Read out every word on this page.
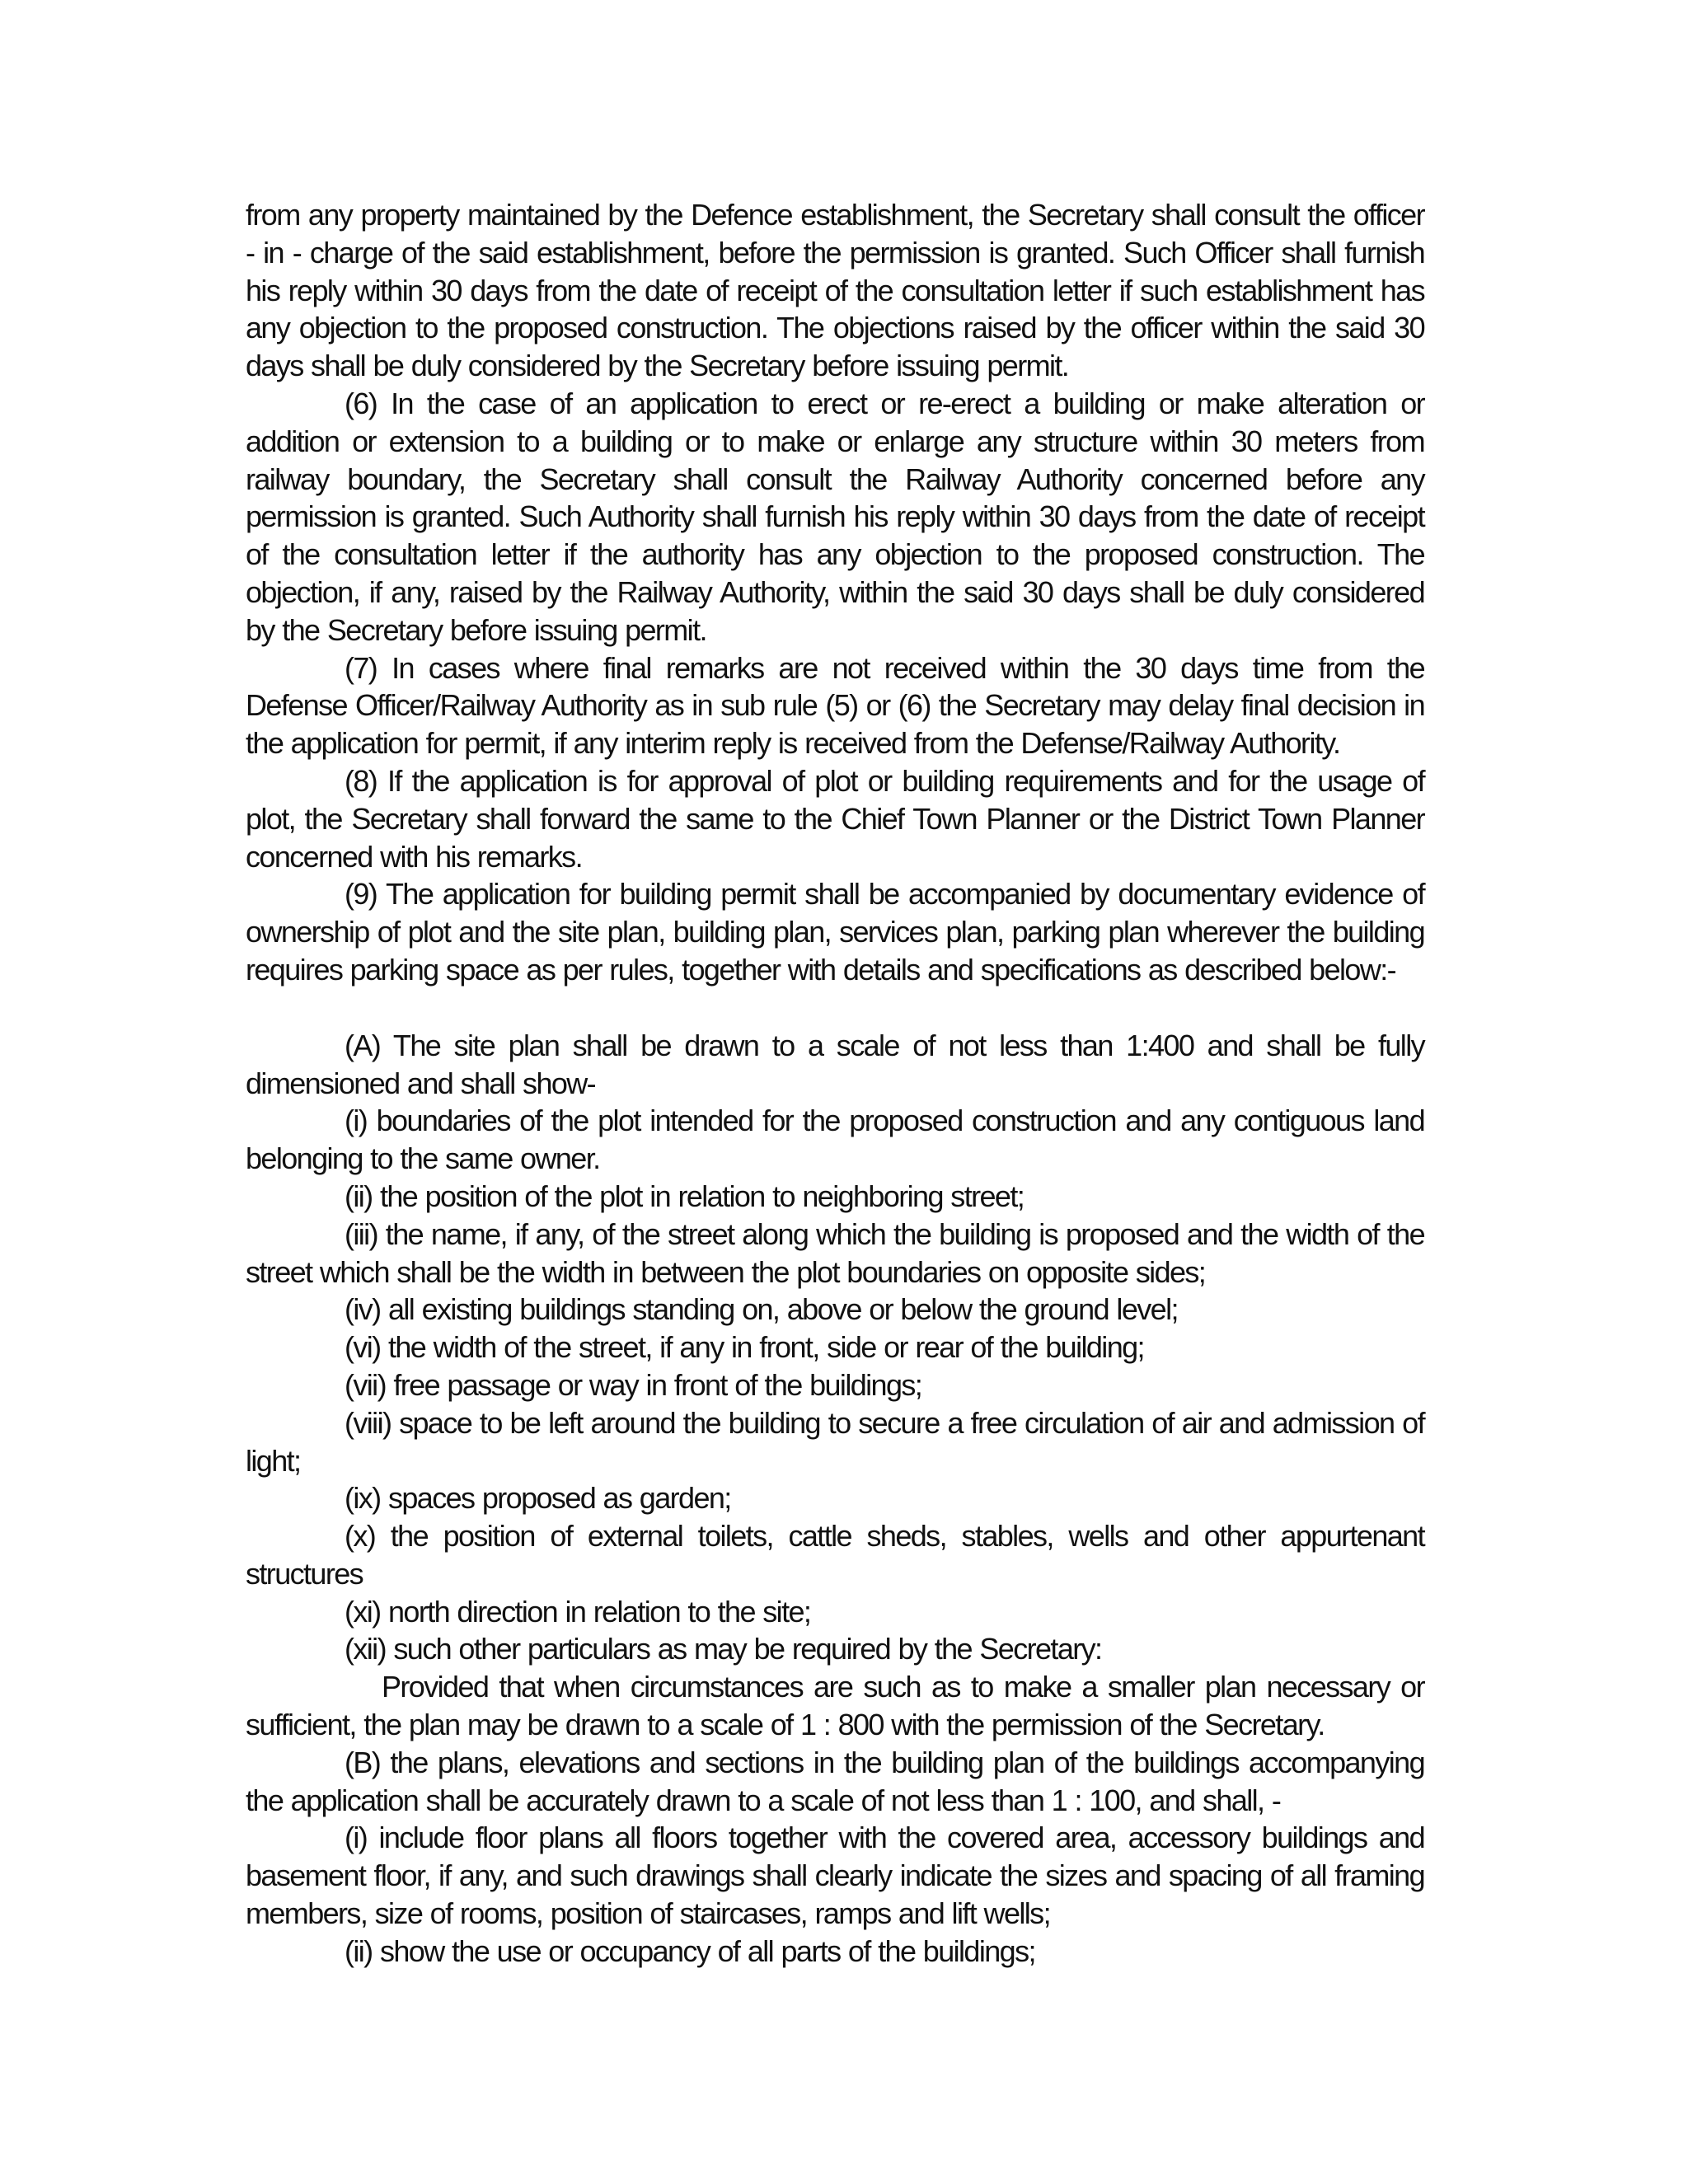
from any property maintained by the Defence establishment, the Secretary shall consult the officer - in - charge of the said establishment, before the permission is granted. Such Officer shall furnish his reply within 30 days from the date of receipt of the consultation letter if such establishment has any objection to the proposed construction. The objections raised by the officer within the said 30 days shall be duly considered by the Secretary before issuing permit.

(6) In the case of an application to erect or re-erect a building or make alteration or addition or extension to a building or to make or enlarge any structure within 30 meters from railway boundary, the Secretary shall consult the Railway Authority concerned before any permission is granted. Such Authority shall furnish his reply within 30 days from the date of receipt of the consultation letter if the authority has any objection to the proposed construction. The objection, if any, raised by the Railway Authority, within the said 30 days shall be duly considered by the Secretary before issuing permit.

(7) In cases where final remarks are not received within the 30 days time from the Defense Officer/Railway Authority as in sub rule (5) or (6) the Secretary may delay final decision in the application for permit, if any interim reply is received from the Defense/Railway Authority.

(8) If the application is for approval of plot or building requirements and for the usage of plot, the Secretary shall forward the same to the Chief Town Planner or the District Town Planner concerned with his remarks.

(9) The application for building permit shall be accompanied by documentary evidence of ownership of plot and the site plan, building plan, services plan, parking plan wherever the building requires parking space as per rules, together with details and specifications as described below:-

(A) The site plan shall be drawn to a scale of not less than 1:400 and shall be fully dimensioned and shall show-

(i) boundaries of the plot intended for the proposed construction and any contiguous land belonging to the same owner.

(ii) the position of the plot in relation to neighboring street;

(iii) the name, if any, of the street along which the building is proposed and the width of the street which shall be the width in between the plot boundaries on opposite sides;

(iv) all existing buildings standing on, above or below the ground level;

(vi) the width of the street, if any in front, side or rear of the building;

(vii) free passage or way in front of the buildings;

(viii) space to be left around the building to secure a free circulation of air and admission of light;

(ix) spaces proposed as garden;

(x) the position of external toilets, cattle sheds, stables, wells and other appurtenant structures

(xi) north direction in relation to the site;

(xii) such other particulars as may be required by the Secretary:

Provided that when circumstances are such as to make a smaller plan necessary or sufficient, the plan may be drawn to a scale of 1 : 800 with the permission of the Secretary.

(B) the plans, elevations and sections in the building plan of the buildings accompanying the application shall be accurately drawn to a scale of not less than 1 : 100, and shall, -

(i) include floor plans all floors together with the covered area, accessory buildings and basement floor, if any, and such drawings shall clearly indicate the sizes and spacing of all framing members, size of rooms, position of staircases, ramps and lift wells;

(ii) show the use or occupancy of all parts of the buildings;
